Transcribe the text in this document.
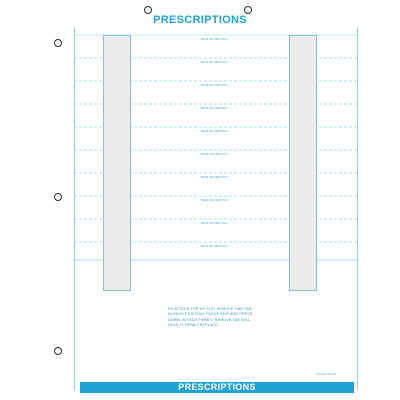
PRESCRIPTIONS
TEAR OR DEPOSIT ↓
TEAR OR DEPOSIT ↓
TEAR OR DEPOSIT ↓
TEAR OR DEPOSIT ↓
TEAR OR DEPOSIT ↓
TEAR OR DEPOSIT ↓
TEAR OR DEPOSIT ↓
TEAR OR DEPOSIT ↓
TEAR OR DEPOSIT ↓
TEAR OR DEPOSIT ↓
RX ATTACH TOP OF SLIP. REMOVE ONE TAB IN EACH POSITION. PLACE SLIP AND PRESS DOWN. ATTACH FIRMLY. REMOVE TAB WILL HOLD IT FIRMLY IN PLACE.
RX4120 10-2M
PRESCRIPTIONS
